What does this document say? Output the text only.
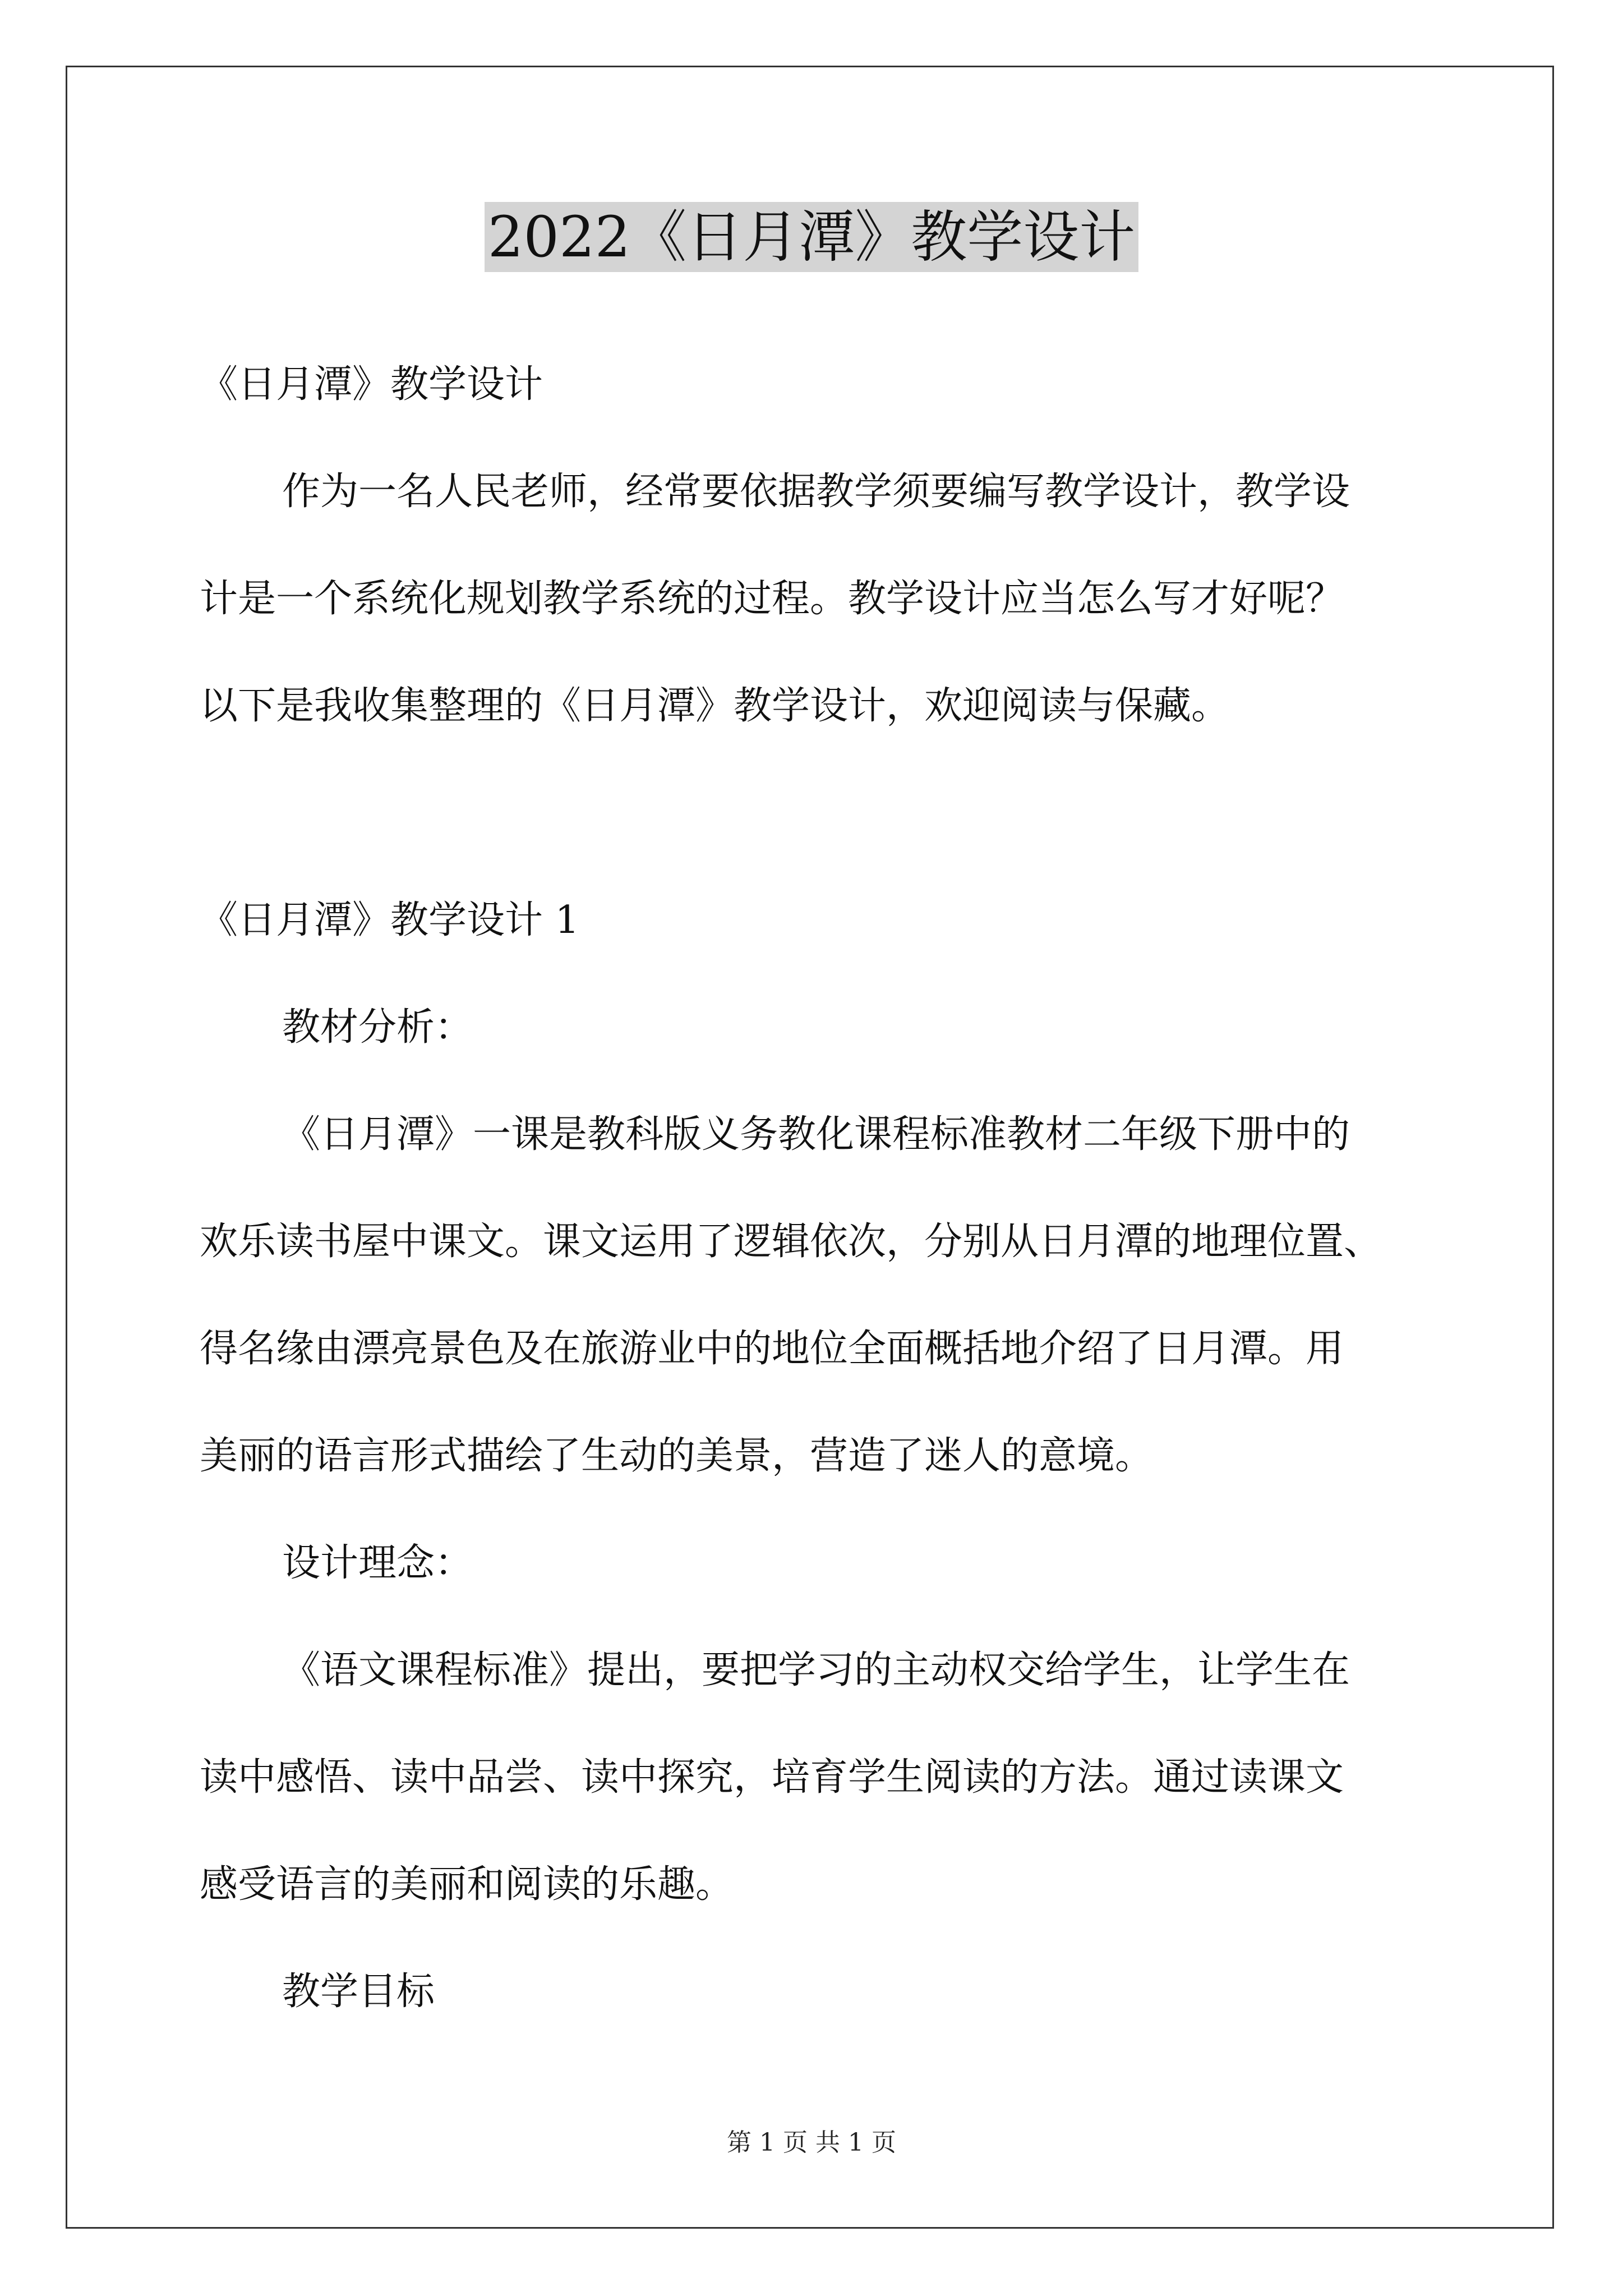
2022《日月潭》教学设计

《日月潭》教学设计

作为一名人民老师，经常要依据教学须要编写教学设计，教学设

计是一个系统化规划教学系统的过程。教学设计应当怎么写才好呢？

以下是我收集整理的《日月潭》教学设计，欢迎阅读与保藏。

《日月潭》教学设计 1

教材分析：

《日月潭》一课是教科版义务教化课程标准教材二年级下册中的

欢乐读书屋中课文。课文运用了逻辑依次，分别从日月潭的地理位置、

得名缘由漂亮景色及在旅游业中的地位全面概括地介绍了日月潭。用

美丽的语言形式描绘了生动的美景，营造了迷人的意境。

设计理念：

《语文课程标准》提出，要把学习的主动权交给学生，让学生在

读中感悟、读中品尝、读中探究，培育学生阅读的方法。通过读课文

感受语言的美丽和阅读的乐趣。

教学目标

第 1 页 共 1 页
